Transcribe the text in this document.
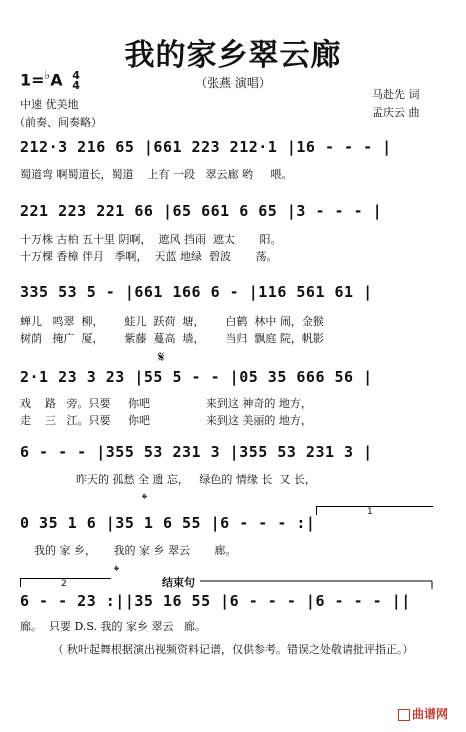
我的家乡翠云廊
（张燕 演唱）
1=♭A 4
4
马赴先 词
孟庆云 曲
中速 优美地
（前奏、间奏略）
212·3 216 65 |661 223 212·1 |16 - - - |
蜀道弯 啊蜀道长，蜀道    上有 一段   翠云廊 哟     喂。
221 223 221 66 |65 661 6 65 |3 - - - |
十万株 古柏 五十里 阴啊，  遮风 挡雨  遮太       阳。
十万棵 香樟 伴月   季啊，  天蓝 地绿  碧波       荡。
335 53 5 - |661 166 6 - |116 561 61 |
蝉儿   鸣翠  柳，      蛙儿  跃荷  塘，      白鹤  林中 闹，金猴
树荫   掩广  厦，      紫藤  蔓高  墙，      当归  飘庭 院，帆影
𝄋
2·1 23 3 23 |55 5 - - |05 35 666 56 |
戏    路   旁。只要     你吧                来到这 神奇的 地方，
走    三   江。只要     你吧                来到这 美丽的 地方，
6 - - - |355 53 231 3 |355 53 231 3 |
昨天的 孤愁 全 遗 忘，   绿色的 情缘 长  又 长，
𝄌
1
0 35 1 6 |35 1 6 55 |6 - - - :|
我的 家 乡，     我的 家 乡 翠云       廊。
2
𝄌
结束句
6 - - 23 :||35 16 55 |6 - - - |6 - - - ||
廊。  只要 D.S. 我的 家乡 翠云   廊。
（ 秋叶起舞根据演出视频资料记谱，仅供参考。错误之处敬请批评指正。）
曲谱网
